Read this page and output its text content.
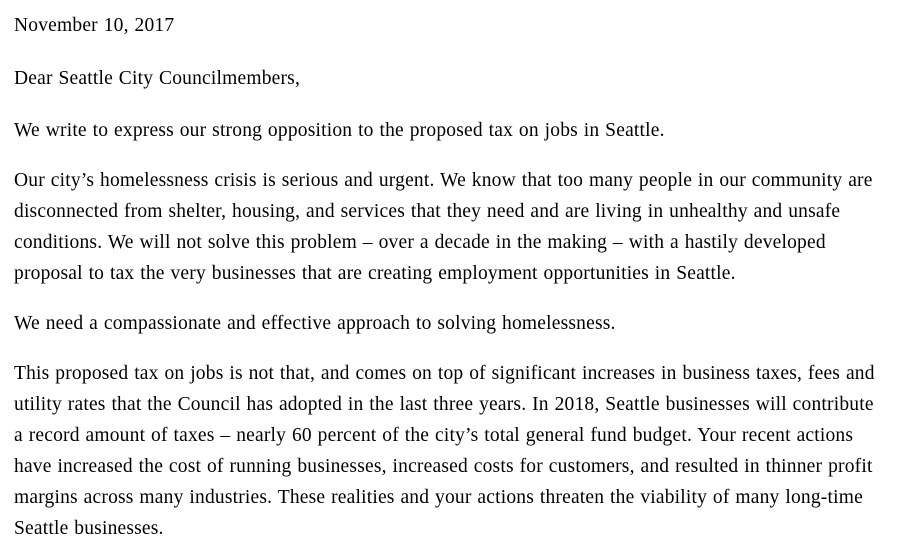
November 10, 2017

Dear Seattle City Councilmembers,

We write to express our strong opposition to the proposed tax on jobs in Seattle.

Our city’s homelessness crisis is serious and urgent. We know that too many people in our community are disconnected from shelter, housing, and services that they need and are living in unhealthy and unsafe conditions. We will not solve this problem – over a decade in the making – with a hastily developed proposal to tax the very businesses that are creating employment opportunities in Seattle.

We need a compassionate and effective approach to solving homelessness.

This proposed tax on jobs is not that, and comes on top of significant increases in business taxes, fees and utility rates that the Council has adopted in the last three years. In 2018, Seattle businesses will contribute a record amount of taxes – nearly 60 percent of the city’s total general fund budget. Your recent actions have increased the cost of running businesses, increased costs for customers, and resulted in thinner profit margins across many industries. These realities and your actions threaten the viability of many long-time Seattle businesses.
